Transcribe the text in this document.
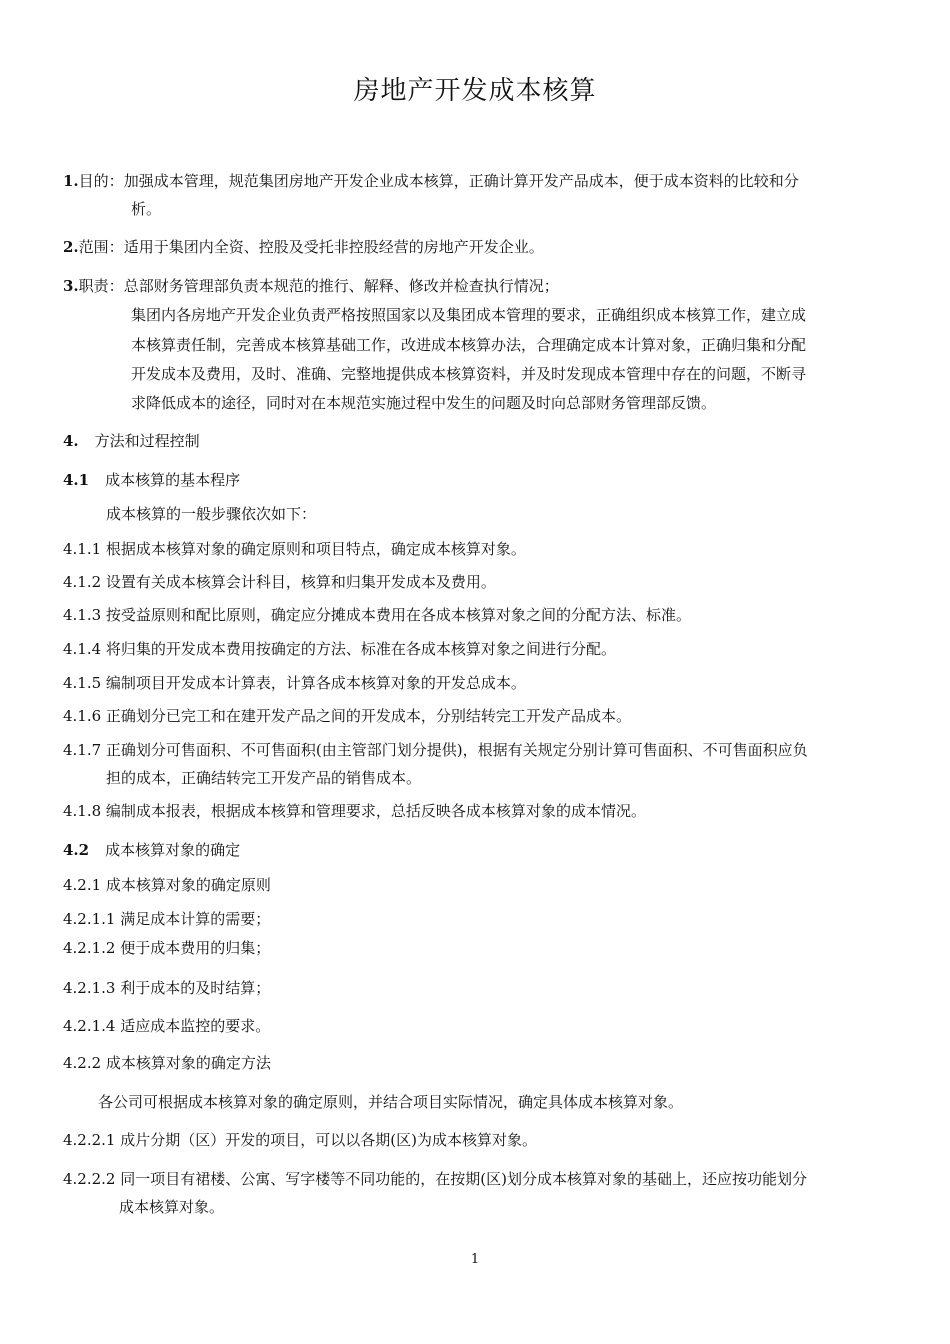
房地产开发成本核算
1.目的：加强成本管理，规范集团房地产开发企业成本核算，正确计算开发产品成本，便于成本资料的比较和分
析。
2.范围：适用于集团内全资、控股及受托非控股经营的房地产开发企业。
3.职责：总部财务管理部负责本规范的推行、解释、修改并检查执行情况；
集团内各房地产开发企业负责严格按照国家以及集团成本管理的要求，正确组织成本核算工作，建立成
本核算责任制，完善成本核算基础工作，改进成本核算办法，合理确定成本计算对象，正确归集和分配
开发成本及费用，及时、准确、完整地提供成本核算资料，并及时发现成本管理中存在的问题，不断寻
求降低成本的途径，同时对在本规范实施过程中发生的问题及时向总部财务管理部反馈。
4. 方法和过程控制
4.1 成本核算的基本程序
成本核算的一般步骤依次如下：
4.1.1 根据成本核算对象的确定原则和项目特点，确定成本核算对象。
4.1.2 设置有关成本核算会计科目，核算和归集开发成本及费用。
4.1.3 按受益原则和配比原则，确定应分摊成本费用在各成本核算对象之间的分配方法、标准。
4.1.4 将归集的开发成本费用按确定的方法、标准在各成本核算对象之间进行分配。
4.1.5 编制项目开发成本计算表，计算各成本核算对象的开发总成本。
4.1.6 正确划分已完工和在建开发产品之间的开发成本，分别结转完工开发产品成本。
4.1.7 正确划分可售面积、不可售面积(由主管部门划分提供)，根据有关规定分别计算可售面积、不可售面积应负
担的成本，正确结转完工开发产品的销售成本。
4.1.8 编制成本报表，根据成本核算和管理要求，总括反映各成本核算对象的成本情况。
4.2 成本核算对象的确定
4.2.1 成本核算对象的确定原则
4.2.1.1 满足成本计算的需要；
4.2.1.2 便于成本费用的归集；
4.2.1.3 利于成本的及时结算；
4.2.1.4 适应成本监控的要求。
4.2.2 成本核算对象的确定方法
各公司可根据成本核算对象的确定原则，并结合项目实际情况，确定具体成本核算对象。
4.2.2.1 成片分期（区）开发的项目，可以以各期(区)为成本核算对象。
4.2.2.2 同一项目有裙楼、公寓、写字楼等不同功能的，在按期(区)划分成本核算对象的基础上，还应按功能划分
成本核算对象。
1
